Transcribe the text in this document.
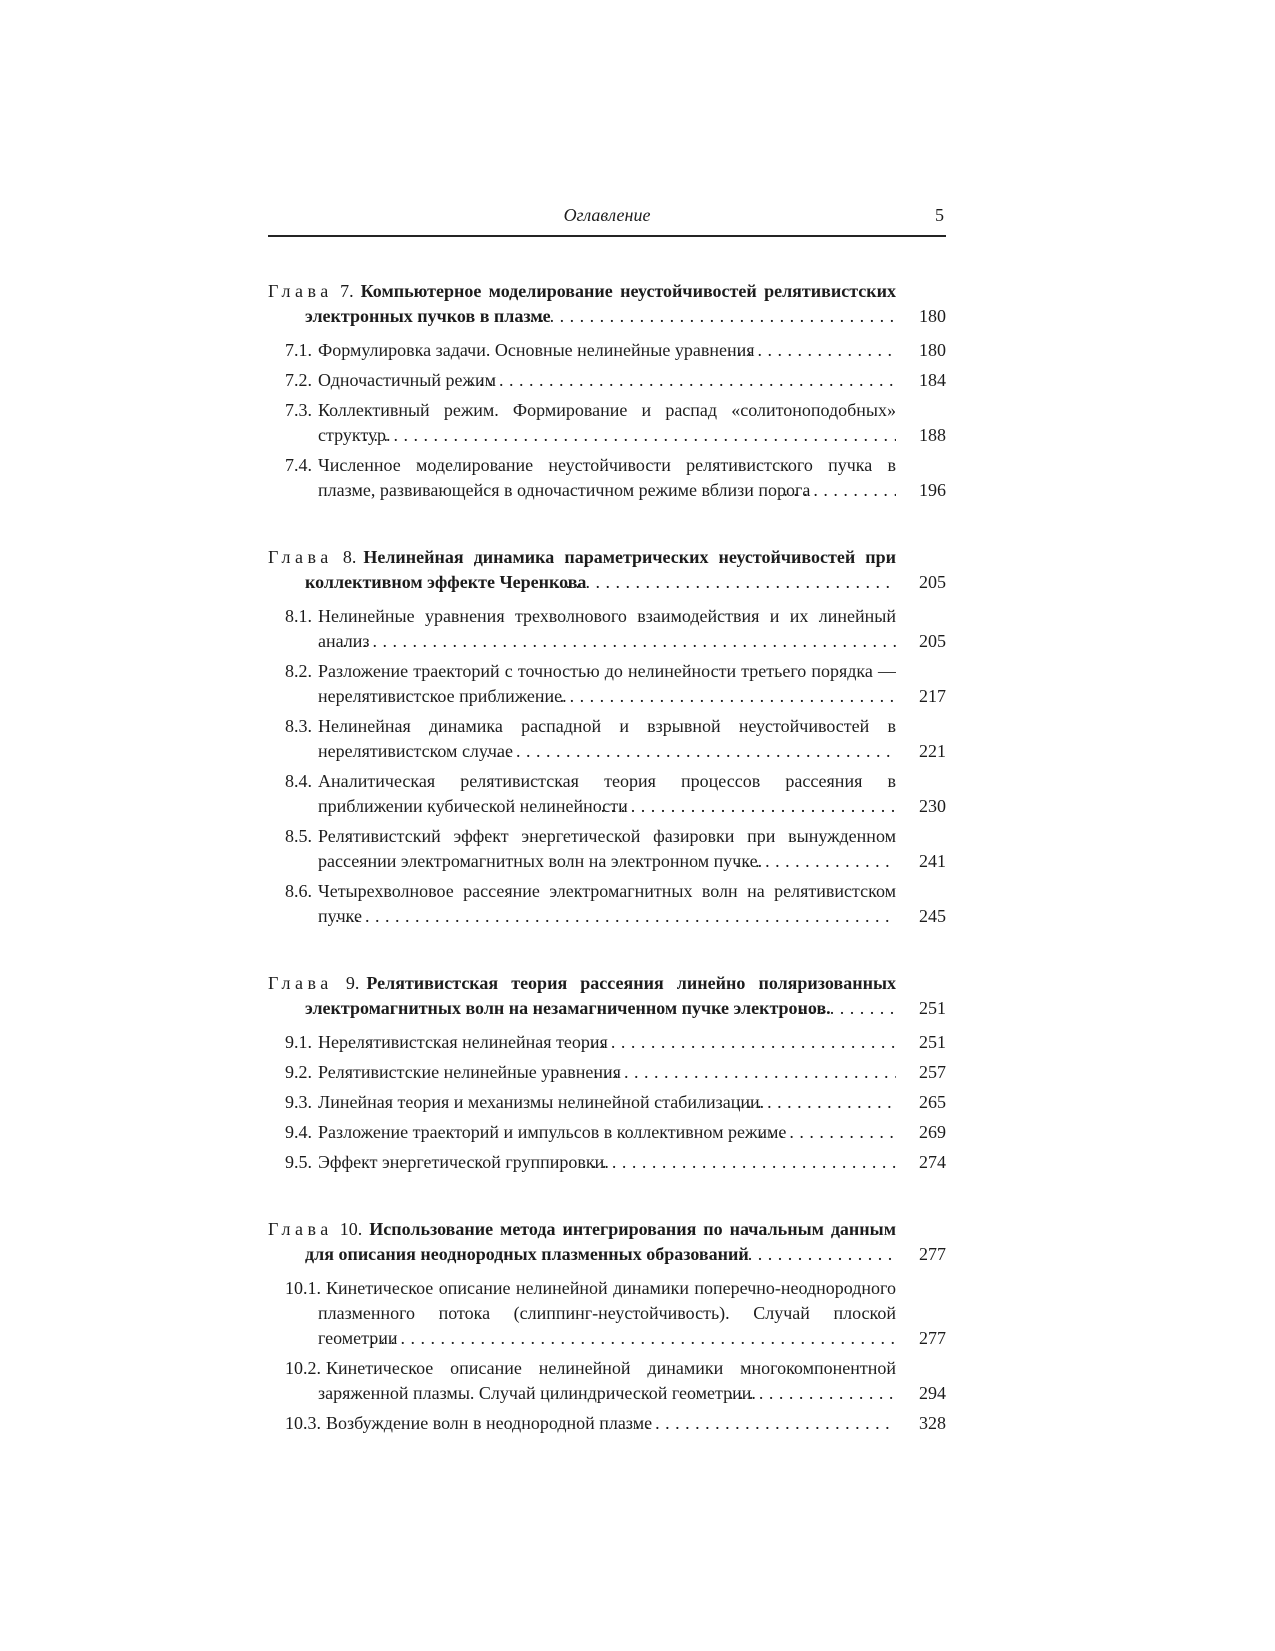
Оглавление	5
Глава 7. Компьютерное моделирование неустойчивостей релятивистских электронных пучков в плазме . . .	180
7.1. Формулировка задачи. Основные нелинейные уравнения . . .	180
7.2. Одночастичный режим . . .	184
7.3. Коллективный режим. Формирование и распад «солитоноподобных» структур. . . .	188
7.4. Численное моделирование неустойчивости релятивистского пучка в плазме, развивающейся в одночастичном режиме вблизи порога . . .	196
Глава 8. Нелинейная динамика параметрических неустойчивостей при коллективном эффекте Черенкова . . .	205
8.1. Нелинейные уравнения трехволнового взаимодействия и их линейный анализ . . .	205
8.2. Разложение траекторий с точностью до нелинейности третьего порядка — нерелятивистское приближение. . . .	217
8.3. Нелинейная динамика распадной и взрывной неустойчивостей в нерелятивистском случае . . .	221
8.4. Аналитическая релятивистская теория процессов рассеяния в приближении кубической нелинейности . . .	230
8.5. Релятивистский эффект энергетической фазировки при вынужденном рассеянии электромагнитных волн на электронном пучке. . . .	241
8.6. Четырехволновое рассеяние электромагнитных волн на релятивистском пучке . . .	245
Глава 9. Релятивистская теория рассеяния линейно поляризованных электромагнитных волн на незамагниченном пучке электронов. . . .	251
9.1. Нерелятивистская нелинейная теория . . .	251
9.2. Релятивистские нелинейные уравнения . . .	257
9.3. Линейная теория и механизмы нелинейной стабилизации. . . .	265
9.4. Разложение траекторий и импульсов в коллективном режиме . . .	269
9.5. Эффект энергетической группировки. . . .	274
Глава 10. Использование метода интегрирования по начальным данным для описания неоднородных плазменных образований . . .	277
10.1. Кинетическое описание нелинейной динамики поперечно-неоднородного плазменного потока (слиппинг-неустойчивость). Случай плоской геометрии . . .	277
10.2. Кинетическое описание нелинейной динамики многокомпонентной заряженной плазмы. Случай цилиндрической геометрии. . . .	294
10.3. Возбуждение волн в неоднородной плазме . . .	328
